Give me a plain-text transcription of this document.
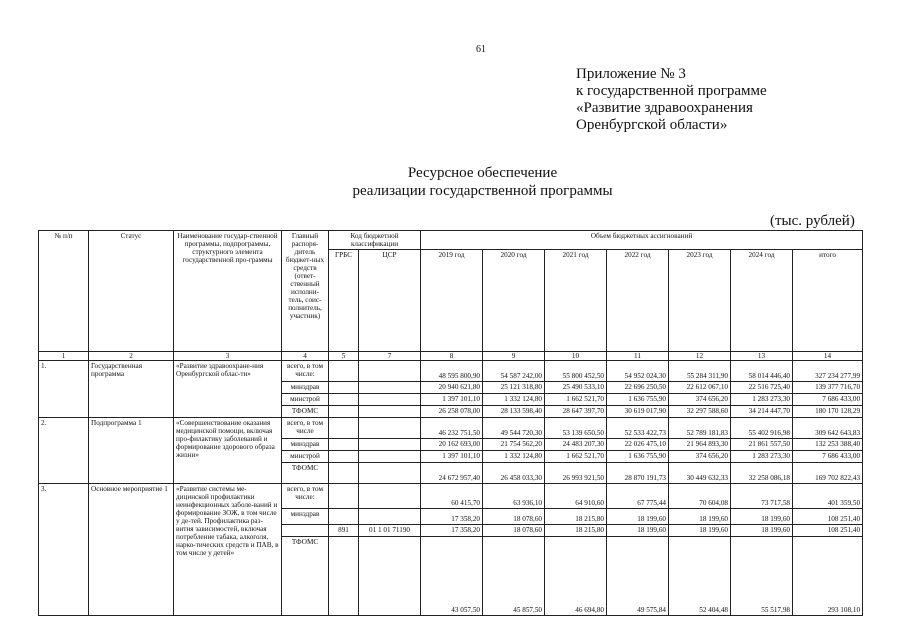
61
Приложение № 3
к государственной программе
«Развитие здравоохранения
Оренбургской области»
Ресурсное обеспечение
реализации государственной программы
(тыс. рублей)
№ п/п	Статус	Наименование государ-ственной программы, подпрограммы, структурного элемента государственной про-граммы	Главный распоря-дитель бюджет-ных средств (ответ-ственный исполни-тель, соис-полнитель, участник)	Код бюджетной классификации		Объем бюджетных ассигнований						
				ГРБС	ЦСР	2019 год	2020 год	2021 год	2022 год	2023 год	2024 год	итого
1	2	3	4	5	7	8	9	10	11	12	13	14
1.	Государственная программа	«Развитие здравоохране-ния Оренбургской облас-ти»	всего, в том числе:			48 595 800,90	54 587 242,00	55 800 452,50	54 952 024,30	55 284 311,90	58 014 446,40	327 234 277,99
			минздрав			20 940 621,80	25 121 318,80	25 490 533,10	22 696 250,50	22 612 067,10	22 516 725,40	139 377 716,70
			минстрой			1 397 101,10	1 332 124,80	1 662 521,70	1 636 755,90	374 656,20	1 283 273,30	7 686 433,00
			ТФОМС			26 258 078,00	28 133 598,40	28 647 397,70	30 619 017,90	32 297 588,60	34 214 447,70	180 170 128,29
2.	Подпрограмма 1	«Совершенствование оказания медицинской помощи, включая про-филактику заболеваний и формирование здорового образа жизни»	всего, в том числе			46 232 751,50	49 544 720,30	53 139 650,50	52 533 422,73	52 789 181,83	55 402 916,98	309 642 643,83
			минздрав			20 162 693,00	21 754 562,20	24 483 207,30	22 026 475,10	21 964 893,30	21 861 557,50	132 253 388,40
			минстрой			1 397 101,10	1 332 124,80	1 662 521,70	1 636 755,90	374 656,20	1 283 273,30	7 686 433,00
			ТФОМС			24 672 957,40	26 458 033,30	26 993 921,50	28 870 191,73	30 449 632,33	32 258 086,18	169 702 822,43
3.	Основное мероприятие 1	«Развитие системы ме-дицинской профилактики неинфекционных заболе-ваний и формирование ЗОЖ, в том числе у де-тей. Профилактика раз-вития зависимостей, включая потребление табака, алкоголя, нарко-тических средств и ПАВ, в том числе у детей»	всего, в том числе:			60 415,70	63 936,10	64 910,60	67 775,44	70 604,08	73 717,58	401 359,50
			минздрав			17 358,20	18 078,60	18 215,80	18 199,60	18 199,60	18 199,60	108 251,40
				891	01 1 01 71190	17 358,20	18 078,60	18 215,80	18 199,60	18 199,60	18 199,60	108 251,40
			ТФОМС			43 057,50	45 857,50	46 694,80	49 575,84	52 404,48	55 517,98	293 108,10
